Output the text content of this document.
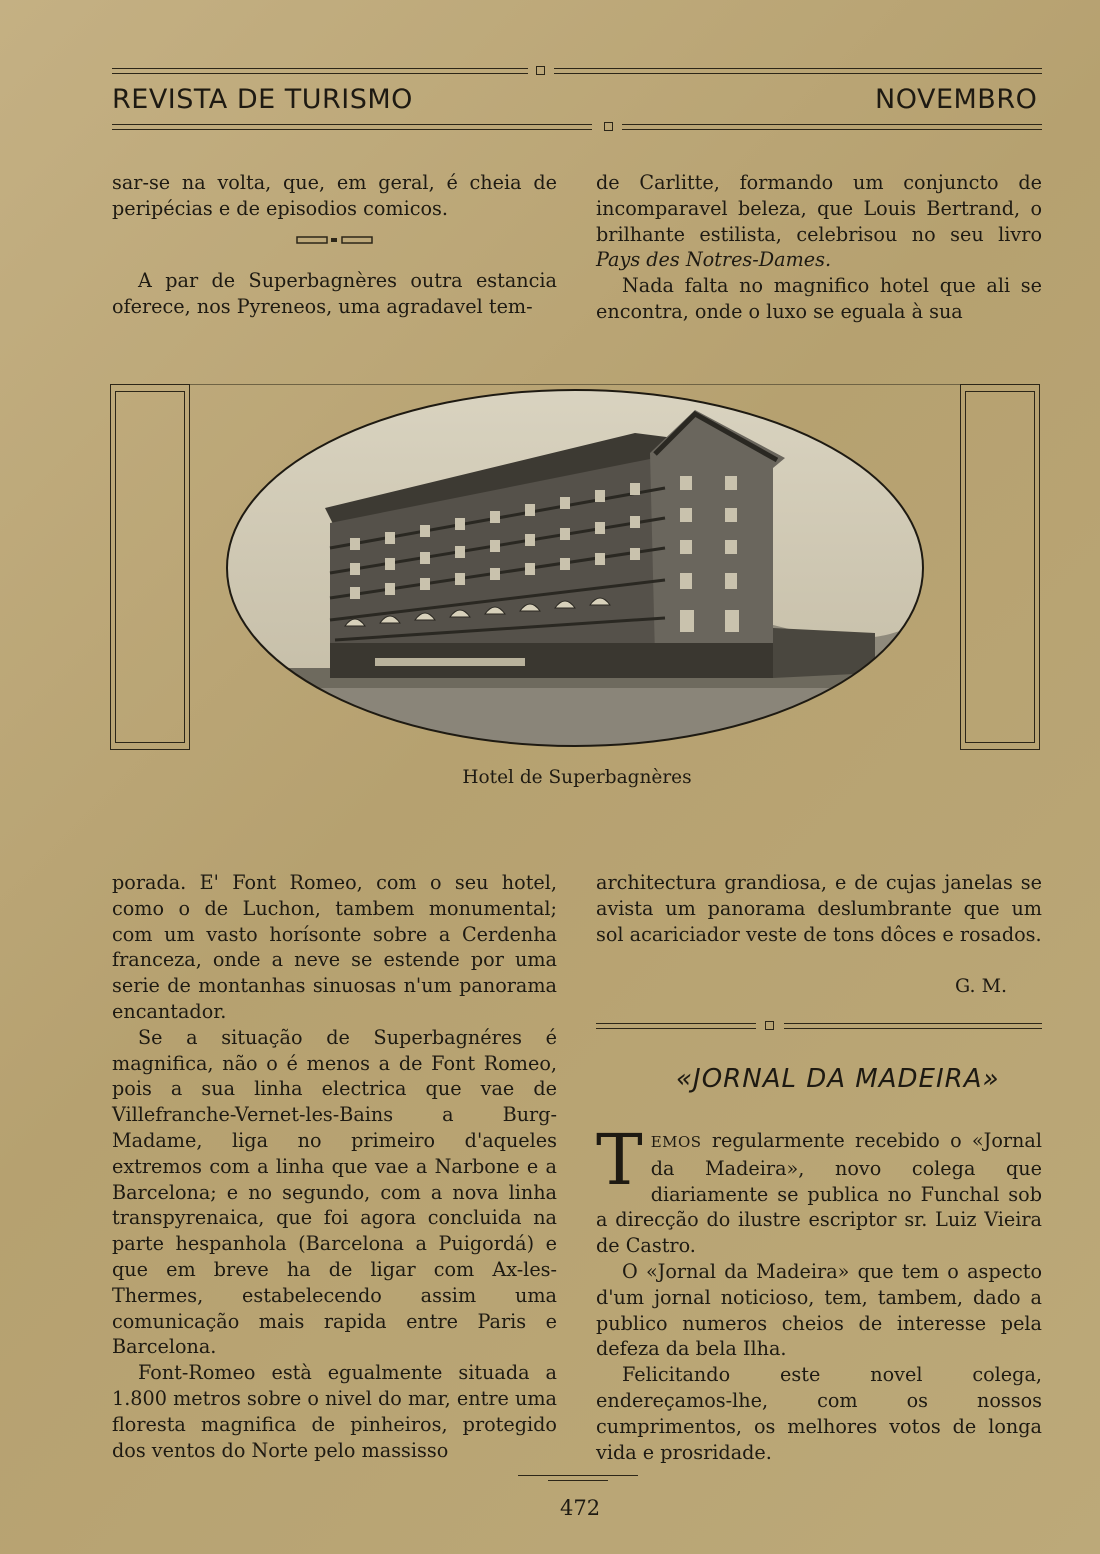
REVISTA DE TURISMO	NOVEMBRO

sar-se na volta, que, em geral, é cheia de peripécias e de episodios comicos.

A par de Superbagnères outra estancia oferece, nos Pyreneos, uma agradavel tem-

de Carlitte, formando um conjuncto de incomparavel beleza, que Louis Bertrand, o brilhante estilista, celebrisou no seu livro Pays des Notres-Dames.

Nada falta no magnifico hotel que ali se encontra, onde o luxo se eguala à sua

Hotel de Superbagnères

porada. E' Font Romeo, com o seu hotel, como o de Luchon, tambem monumental; com um vasto horísonte sobre a Cerdenha franceza, onde a neve se estende por uma serie de montanhas sinuosas n'um panorama encantador.

Se a situação de Superbagnéres é magnifica, não o é menos a de Font Romeo, pois a sua linha electrica que vae de Villefranche-Vernet-les-Bains a Burg-Madame, liga no primeiro d'aqueles extremos com a linha que vae a Narbone e a Barcelona; e no segundo, com a nova linha transpyrenaica, que foi agora concluida na parte hespanhola (Barcelona a Puigordá) e que em breve ha de ligar com Ax-les-Thermes, estabelecendo assim uma comunicação mais rapida entre Paris e Barcelona.

Font-Romeo està egualmente situada a 1.800 metros sobre o nivel do mar, entre uma floresta magnifica de pinheiros, protegido dos ventos do Norte pelo massisso

architectura grandiosa, e de cujas janelas se avista um panorama deslumbrante que um sol acariciador veste de tons dôces e rosados.

G. M.
«JORNAL DA MADEIRA»

TEMOS regularmente recebido o «Jornal da Madeira», novo colega que diariamente se publica no Funchal sob a direcção do ilustre escriptor sr. Luiz Vieira de Castro.

O «Jornal da Madeira» que tem o aspecto d'um jornal noticioso, tem, tambem, dado a publico numeros cheios de interesse pela defeza da bela Ilha.

Felicitando este novel colega, endereçamos-lhe, com os nossos cumprimentos, os melhores votos de longa vida e prosridade.

472
